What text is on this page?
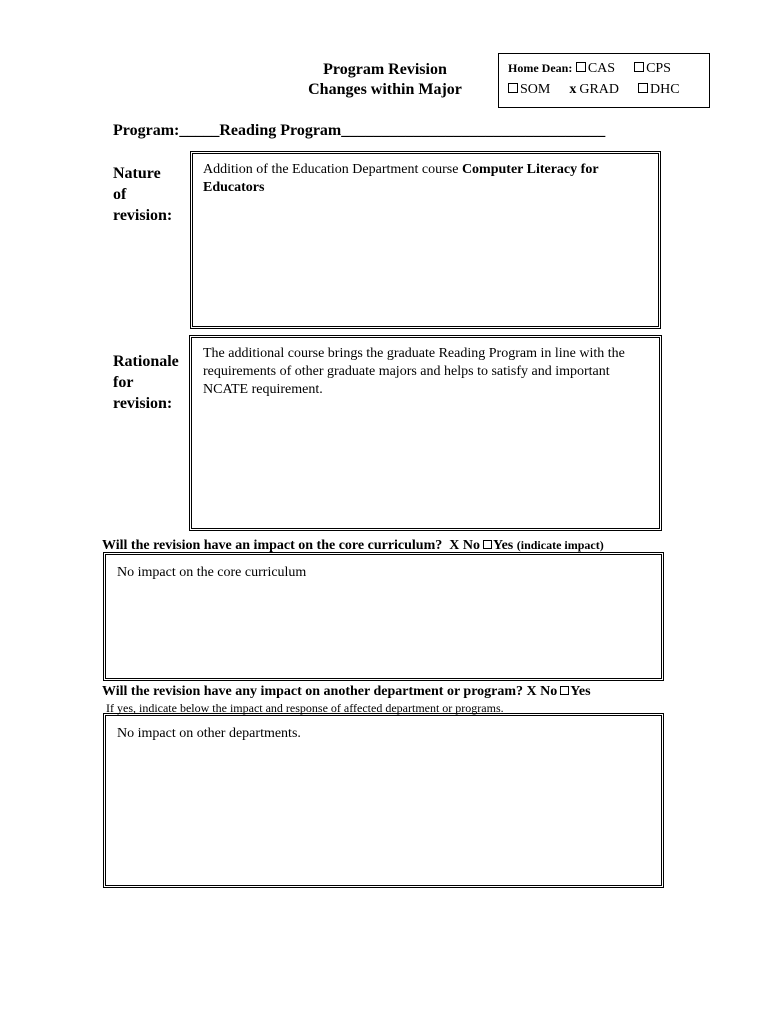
Program Revision
Changes within Major
Home Dean: CAS CPS
SOM x GRAD DHC
Program:_____Reading Program_________________________________
Nature
of
revision:
Addition of the Education Department course Computer Literacy for Educators
Rationale
for
revision:
The additional course brings the graduate Reading Program in line with the requirements of other graduate majors and helps to satisfy and important NCATE requirement.
Will the revision have an impact on the core curriculum? X No Yes (indicate impact)
No impact on the core curriculum
Will the revision have any impact on another department or program? X No Yes
If yes, indicate below the impact and response of affected department or programs.
No impact on other departments.
